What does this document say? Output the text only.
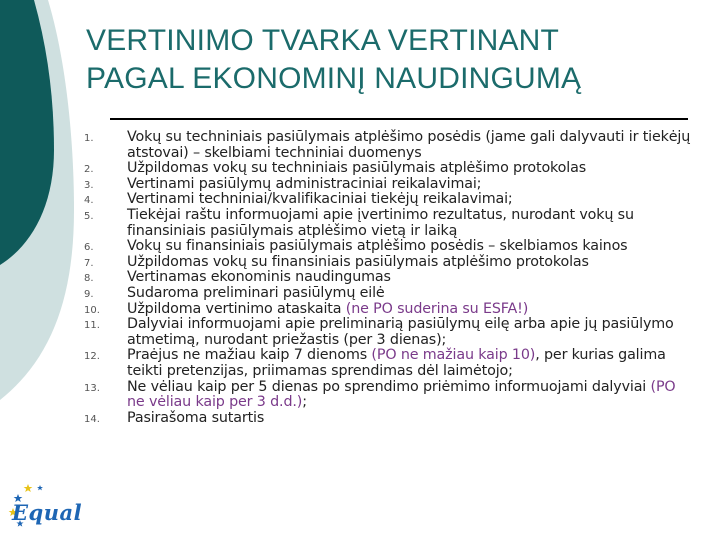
VERTINIMO TVARKA VERTINANT
PAGAL EKONOMINĮ NAUDINGUMĄ
1.	Vokų su techniniais pasiūlymais atplėšimo posėdis (jame gali dalyvauti ir tiekėjų atstovai) – skelbiami techniniai duomenys
2.	Užpildomas vokų su techniniais pasiūlymais atplėšimo protokolas
3.	Vertinami pasiūlymų administraciniai reikalavimai;
4.	Vertinami techniniai/kvalifikaciniai tiekėjų reikalavimai;
5.	Tiekėjai raštu informuojami apie įvertinimo rezultatus, nurodant vokų su finansiniais pasiūlymais atplėšimo vietą ir laiką
6.	Vokų su finansiniais pasiūlymais atplėšimo posėdis – skelbiamos kainos
7.	Užpildomas vokų su finansiniais pasiūlymais atplėšimo protokolas
8.	Vertinamas ekonominis naudingumas
9.	Sudaroma preliminari pasiūlymų eilė
10.	Užpildoma vertinimo ataskaita (ne PO suderina su ESFA!)
11.	Dalyviai informuojami apie preliminarią pasiūlymų eilę arba apie jų pasiūlymo atmetimą, nurodant priežastis (per 3 dienas);
12.	Praėjus ne mažiau kaip 7 dienoms (PO ne mažiau kaip 10), per kurias galima teikti pretenzijas, priimamas sprendimas dėl laimėtojo;
13.	Ne vėliau kaip per 5 dienas po sprendimo priėmimo informuojami dalyviai (PO ne vėliau kaip per 3 d.d.);
14.	Pasirašoma sutartis
Equal
